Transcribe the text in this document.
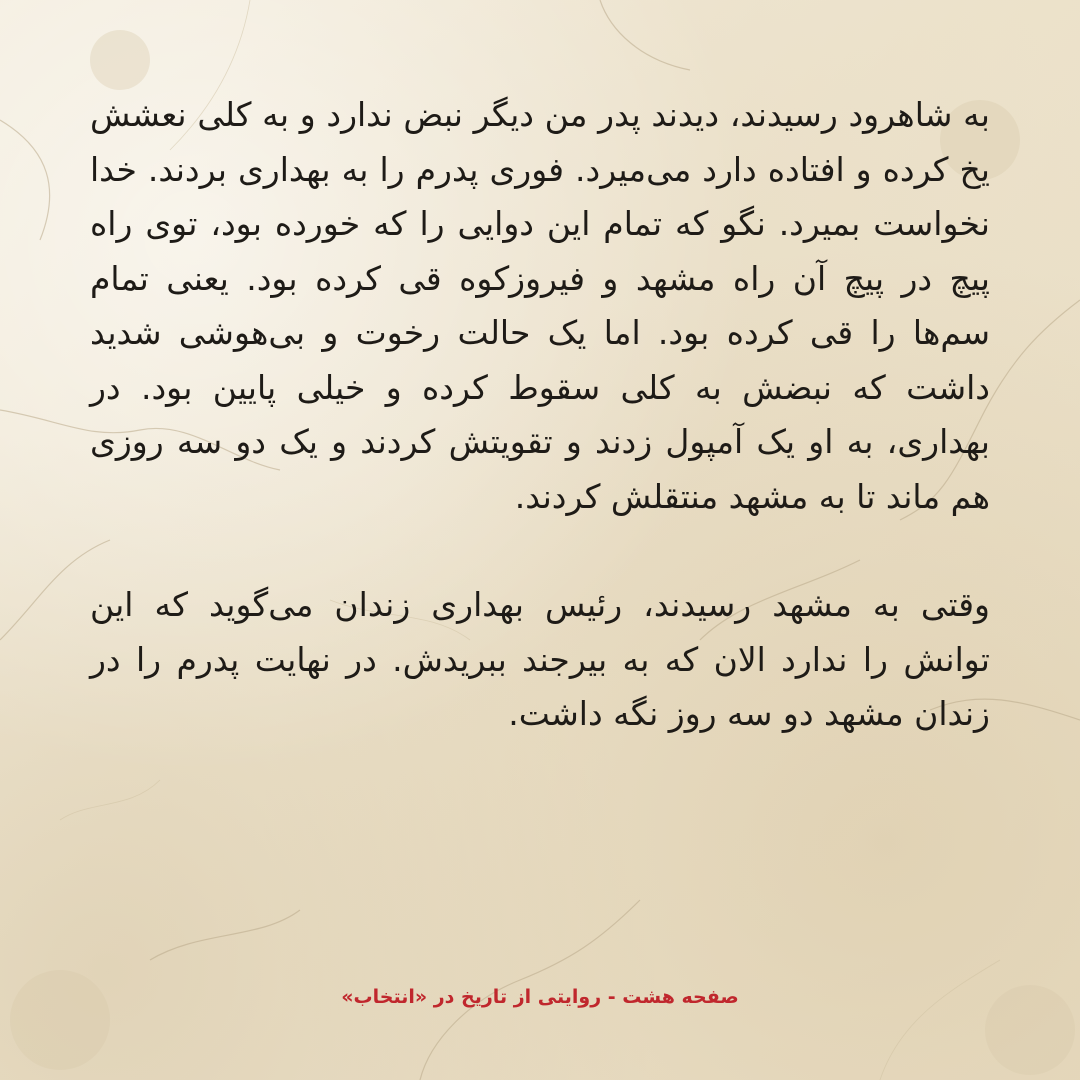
به شاهرود رسیدند، دیدند پدر من دیگر نبض ندارد و به کلی نعشش یخ کرده و افتاده دارد می‌میرد. فوری پدرم را به بهداری بردند. خدا نخواست بمیرد. نگو که تمام این دوایی را که خورده بود، توی راه پیچ در پیچ آن راه مشهد و فیروزکوه قی کرده بود. یعنی تمام سم‌ها را قی کرده بود. اما یک حالت رخوت و بی‌هوشی شدید داشت که نبضش به کلی سقوط کرده و خیلی پایین بود. در بهداری، به او یک آمپول زدند و تقویتش کردند و یک دو سه روزی هم ماند تا به مشهد منتقلش کردند.

وقتی به مشهد رسیدند، رئیس بهداری زندان می‌گوید که این توانش را ندارد الان که به بیرجند ببریدش. در نهایت پدرم را در زندان مشهد دو سه روز نگه داشت.

صفحه هشت - روایتی از تاریخ در «انتخاب»
